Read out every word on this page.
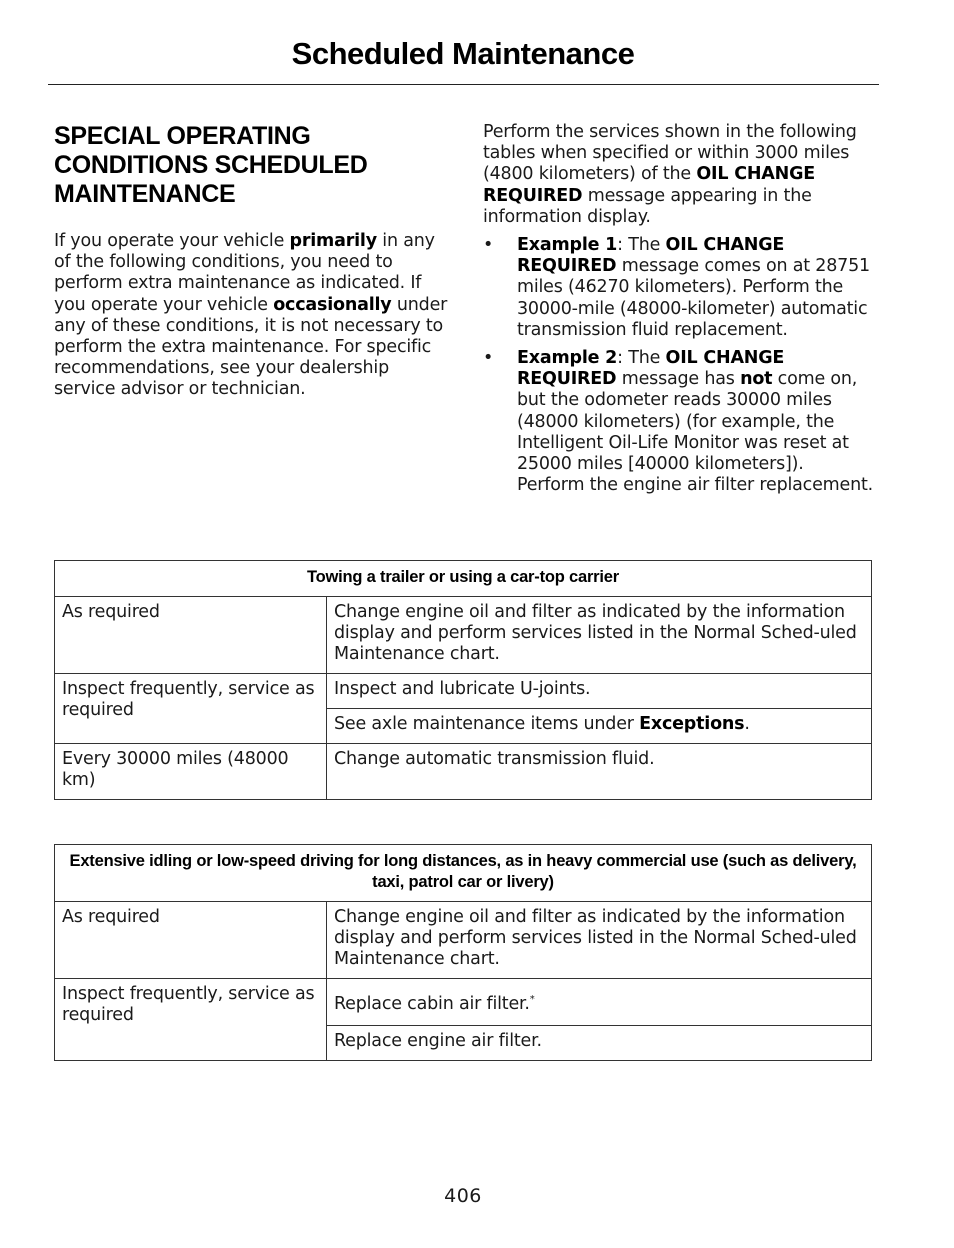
Scheduled Maintenance
SPECIAL OPERATING CONDITIONS SCHEDULED MAINTENANCE

If you operate your vehicle primarily in any of the following conditions, you need to perform extra maintenance as indicated. If you operate your vehicle occasionally under any of these conditions, it is not necessary to perform the extra maintenance. For specific recommendations, see your dealership service advisor or technician.

Perform the services shown in the following tables when specified or within 3000 miles (4800 kilometers) of the OIL CHANGE REQUIRED message appearing in the information display.

• Example 1: The OIL CHANGE REQUIRED message comes on at 28751 miles (46270 kilometers). Perform the 30000-mile (48000-kilometer) automatic transmission fluid replacement.
• Example 2: The OIL CHANGE REQUIRED message has not come on, but the odometer reads 30000 miles (48000 kilometers) (for example, the Intelligent Oil-Life Monitor was reset at 25000 miles [40000 kilometers]). Perform the engine air filter replacement.
Towing a trailer or using a car-top carrier	
As required	Change engine oil and filter as indicated by the information display and perform services listed in the Normal Sched-uled Maintenance chart.
Inspect frequently, service as required	Inspect and lubricate U-joints.
	See axle maintenance items under Exceptions.
Every 30000 miles (48000 km)	Change automatic transmission fluid.
Extensive idling or low-speed driving for long distances, as in heavy commercial use (such as delivery, taxi, patrol car or livery)	
As required	Change engine oil and filter as indicated by the information display and perform services listed in the Normal Sched-uled Maintenance chart.
Inspect frequently, service as required	Replace cabin air filter.*
	Replace engine air filter.
406
